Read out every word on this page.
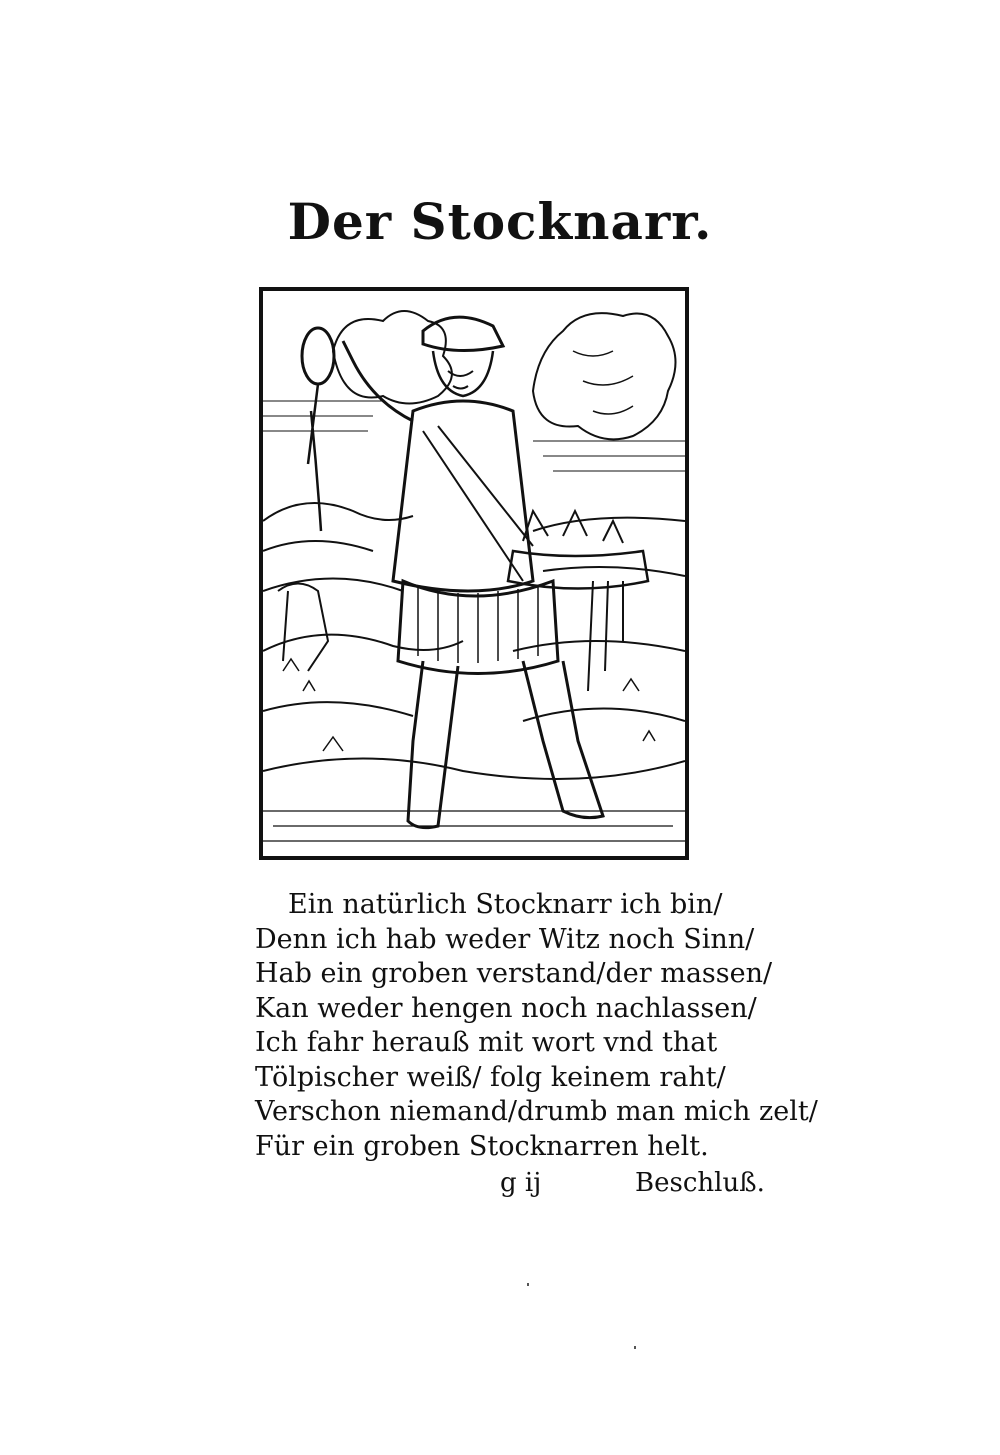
Der Stocknarr.
Ein natürlich Stocknarr ich bin/
Denn ich hab weder Witz noch Sinn/
Hab ein groben verstand/der massen/
Kan weder hengen noch nachlassen/
Ich fahr herauß mit wort vnd that
Tölpischer weiß/ folg keinem raht/
Verschon niemand/drumb man mich zelt/
Für ein groben Stocknarren helt.
g ij	Beschluß.
